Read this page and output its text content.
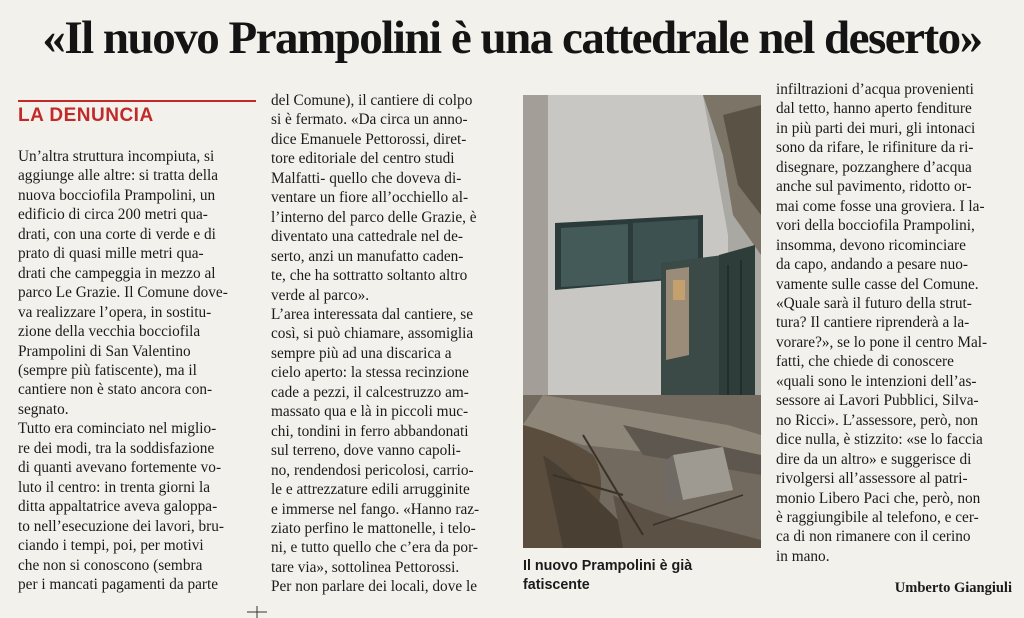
«Il nuovo Prampolini è una cattedrale nel deserto»
LA DENUNCIA

Un’altra struttura incompiuta, si
aggiunge alle altre: si tratta della
nuova bocciofila Prampolini, un
edificio di circa 200 metri qua-
drati, con una corte di verde e di
prato di quasi mille metri qua-
drati che campeggia in mezzo al
parco Le Grazie. Il Comune dove-
va realizzare l’opera, in sostitu-
zione della vecchia bocciofila
Prampolini di San Valentino
(sempre più fatiscente), ma il
cantiere non è stato ancora con-
segnato.
Tutto era cominciato nel miglio-
re dei modi, tra la soddisfazione
di quanti avevano fortemente vo-
luto il centro: in trenta giorni la
ditta appaltatrice aveva galoppa-
to nell’esecuzione dei lavori, bru-
ciando i tempi, poi, per motivi
che non si conoscono (sembra
per i mancati pagamenti da parte

del Comune), il cantiere di colpo
si è fermato. «Da circa un anno-
dice Emanuele Pettorossi, diret-
tore editoriale del centro studi
Malfatti- quello che doveva di-
ventare un fiore all’occhiello al-
l’interno del parco delle Grazie, è
diventato una cattedrale nel de-
serto, anzi un manufatto caden-
te, che ha sottratto soltanto altro
verde al parco».
L’area interessata dal cantiere, se
così, si può chiamare, assomiglia
sempre più ad una discarica a
cielo aperto: la stessa recinzione
cade a pezzi, il calcestruzzo am-
massato qua e là in piccoli muc-
chi, tondini in ferro abbandonati
sul terreno, dove vanno capoli-
no, rendendosi pericolosi, carrio-
le e attrezzature edili arrugginite
e immerse nel fango. «Hanno raz-
ziato perfino le mattonelle, i telo-
ni, e tutto quello che c’era da por-
tare via», sottolinea Pettorossi.
Per non parlare dei locali, dove le

Il nuovo Prampolini è già
fatiscente

infiltrazioni d’acqua provenienti
dal tetto, hanno aperto fenditure
in più parti dei muri, gli intonaci
sono da rifare, le rifiniture da ri-
disegnare, pozzanghere d’acqua
anche sul pavimento, ridotto or-
mai come fosse una groviera. I la-
vori della bocciofila Prampolini,
insomma, devono ricominciare
da capo, andando a pesare nuo-
vamente sulle casse del Comune.
«Quale sarà il futuro della strut-
tura? Il cantiere riprenderà a la-
vorare?», se lo pone il centro Mal-
fatti, che chiede di conoscere
«quali sono le intenzioni dell’as-
sessore ai Lavori Pubblici, Silva-
no Ricci». L’assessore, però, non
dice nulla, è stizzito: «se lo faccia
dire da un altro» e suggerisce di
rivolgersi all’assessore al patri-
monio Libero Paci che, però, non
è raggiungibile al telefono, e cer-
ca di non rimanere con il cerino
in mano.

Umberto Giangiuli
